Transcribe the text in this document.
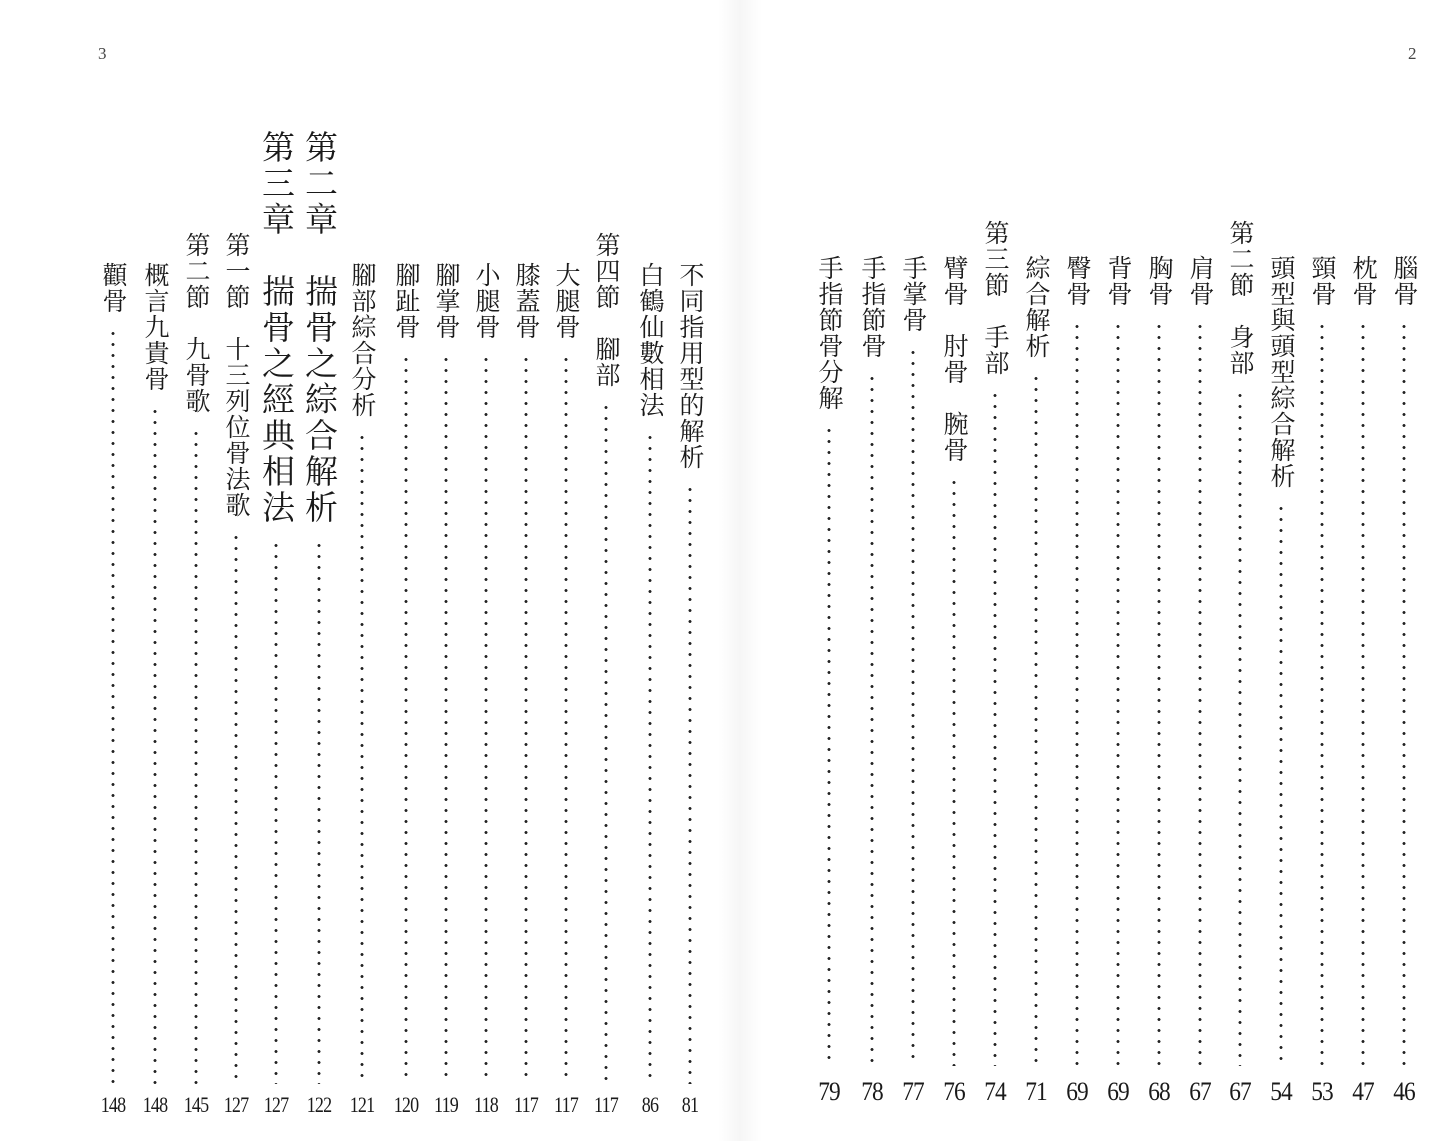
3	2
不同指用型的解析
81
白鶴仙數相法
86
第四節　腳部
117
大腿骨
117
膝蓋骨
117
小腿骨
118
腳掌骨
119
腳趾骨
120
腳部綜合分析
121
第二章　揣骨之綜合解析
122
第三章　揣骨之經典相法
127
第一節　十三列位骨法歌
127
第二節　九骨歌
145
概言九貴骨
148
顴骨
148
腦骨
46
枕骨
47
頸骨
53
頭型與頭型綜合解析
54
第二節　身部
67
肩骨
67
胸骨
68
背骨
69
臀骨
69
綜合解析
71
第三節　手部
74
臂骨　肘骨　腕骨
76
手掌骨
77
手指節骨
78
手指節骨分解
79
